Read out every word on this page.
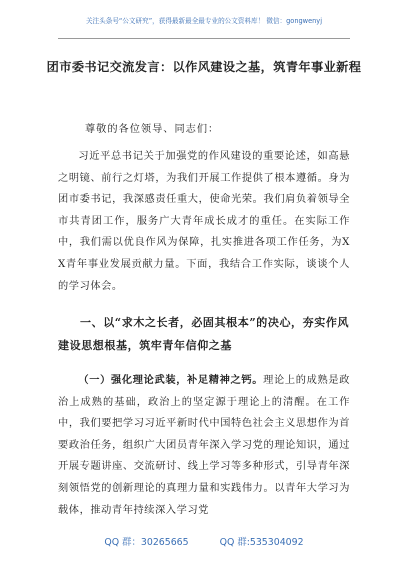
关注头条号“公文研究”，获得最新最全最专业的公文资料库！ 微信：gongwenyj
团市委书记交流发言：以作风建设之基，筑青年事业新程
尊敬的各位领导、同志们：

习近平总书记关于加强党的作风建设的重要论述，如高悬之明镜、前行之灯塔，为我们开展工作提供了根本遵循。身为团市委书记，我深感责任重大，使命光荣。我们肩负着领导全市共青团工作，服务广大青年成长成才的重任。在实际工作中，我们需以优良作风为保障，扎实推进各项工作任务，为XX青年事业发展贡献力量。下面，我结合工作实际，谈谈个人的学习体会。

一、以“求木之长者，必固其根本”的决心，夯实作风建设思想根基，筑牢青年信仰之基

（一）强化理论武装，补足精神之钙。理论上的成熟是政治上成熟的基础，政治上的坚定源于理论上的清醒。在工作中，我们要把学习习近平新时代中国特色社会主义思想作为首要政治任务，组织广大团员青年深入学习党的理论知识，通过开展专题讲座、交流研讨、线上学习等多种形式，引导青年深刻领悟党的创新理论的真理力量和实践伟力。以青年大学习为载体，推动青年持续深入学习党

QQ 群：30265665	QQ 群:535304092
